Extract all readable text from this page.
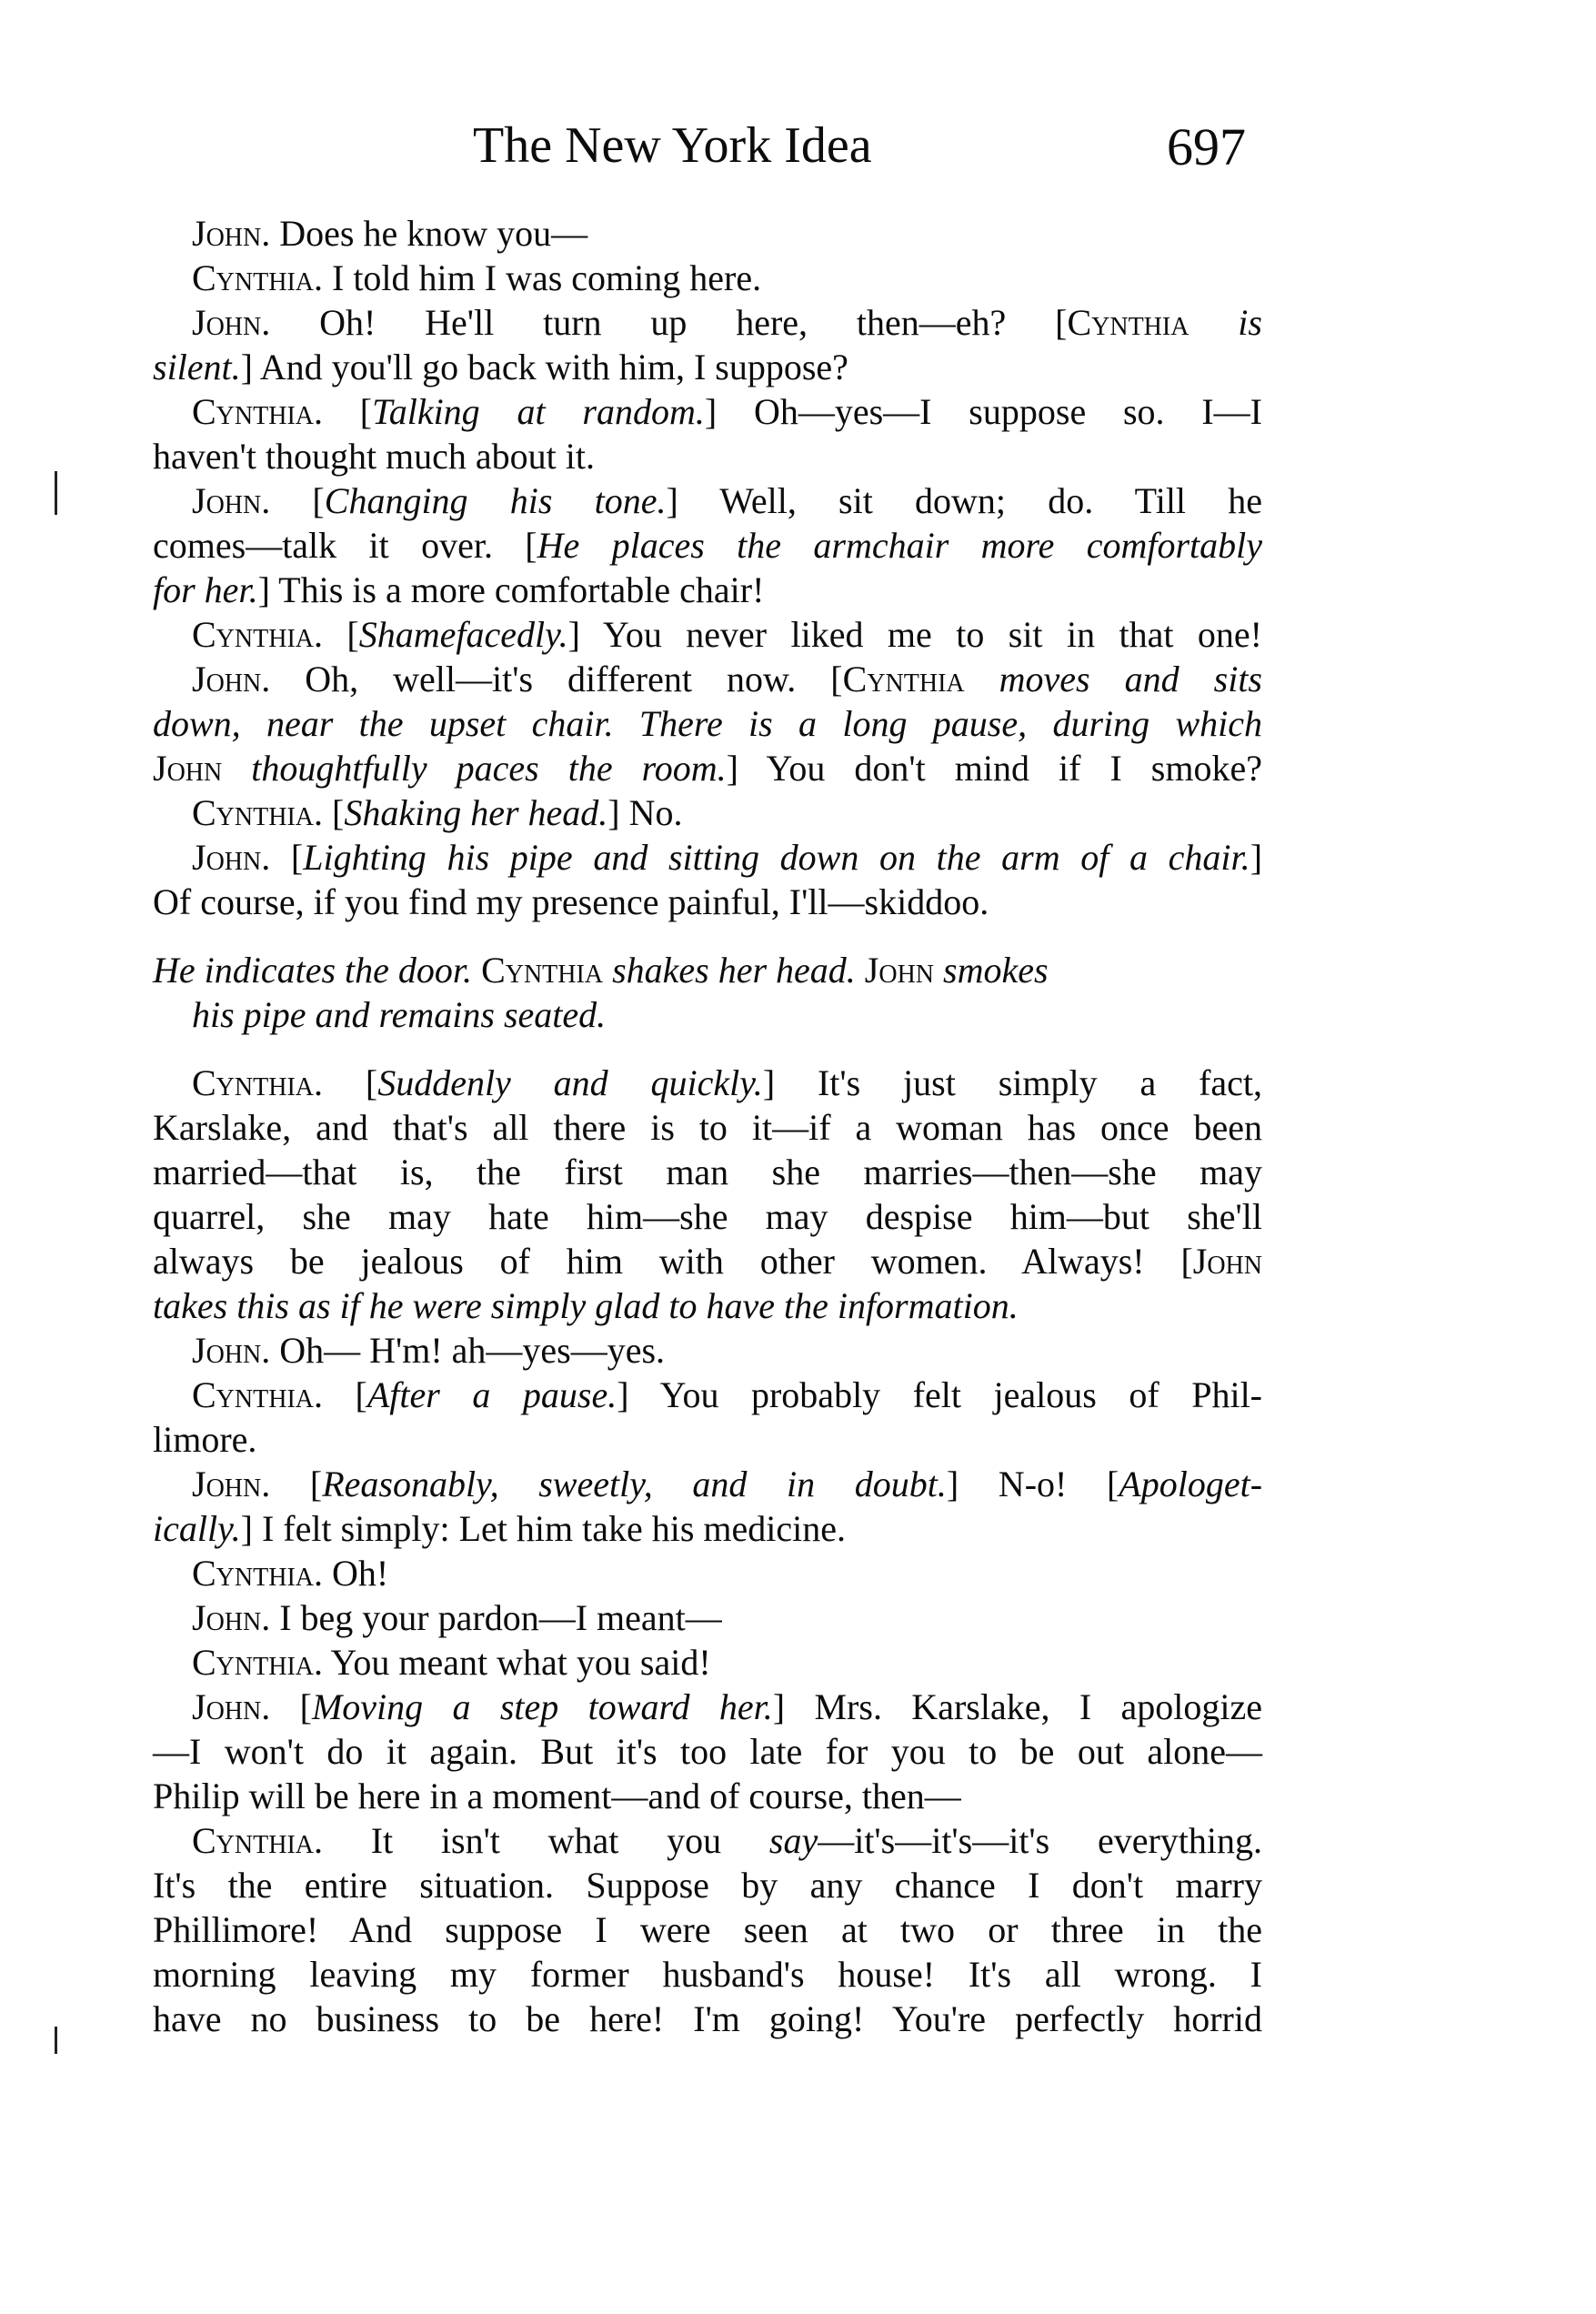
The New York Idea	697
John. Does he know you—
Cynthia. I told him I was coming here.
John. Oh! He'll turn up here, then—eh? [Cynthia is
silent.] And you'll go back with him, I suppose?
Cynthia. [Talking at random.] Oh—yes—I suppose so. I—I
haven't thought much about it.
John. [Changing his tone.] Well, sit down; do. Till he
comes—talk it over. [He places the armchair more comfortably
for her.] This is a more comfortable chair!
Cynthia. [Shamefacedly.] You never liked me to sit in that one!
John. Oh, well—it's different now. [Cynthia moves and sits
down, near the upset chair. There is a long pause, during which
John thoughtfully paces the room.] You don't mind if I smoke?
Cynthia. [Shaking her head.] No.
John. [Lighting his pipe and sitting down on the arm of a chair.]
Of course, if you find my presence painful, I'll—skiddoo.
He indicates the door. Cynthia shakes her head. John smokes
his pipe and remains seated.
Cynthia. [Suddenly and quickly.] It's just simply a fact,
Karslake, and that's all there is to it—if a woman has once been
married—that is, the first man she marries—then—she may
quarrel, she may hate him—she may despise him—but she'll
always be jealous of him with other women. Always! [John
takes this as if he were simply glad to have the information.
John. Oh— H'm! ah—yes—yes.
Cynthia. [After a pause.] You probably felt jealous of Phil-
limore.
John. [Reasonably, sweetly, and in doubt.] N-o! [Apologet-
ically.] I felt simply: Let him take his medicine.
Cynthia. Oh!
John. I beg your pardon—I meant—
Cynthia. You meant what you said!
John. [Moving a step toward her.] Mrs. Karslake, I apologize
—I won't do it again. But it's too late for you to be out alone—
Philip will be here in a moment—and of course, then—
Cynthia. It isn't what you say—it's—it's—it's everything.
It's the entire situation. Suppose by any chance I don't marry
Phillimore! And suppose I were seen at two or three in the
morning leaving my former husband's house! It's all wrong. I
have no business to be here! I'm going! You're perfectly horrid
